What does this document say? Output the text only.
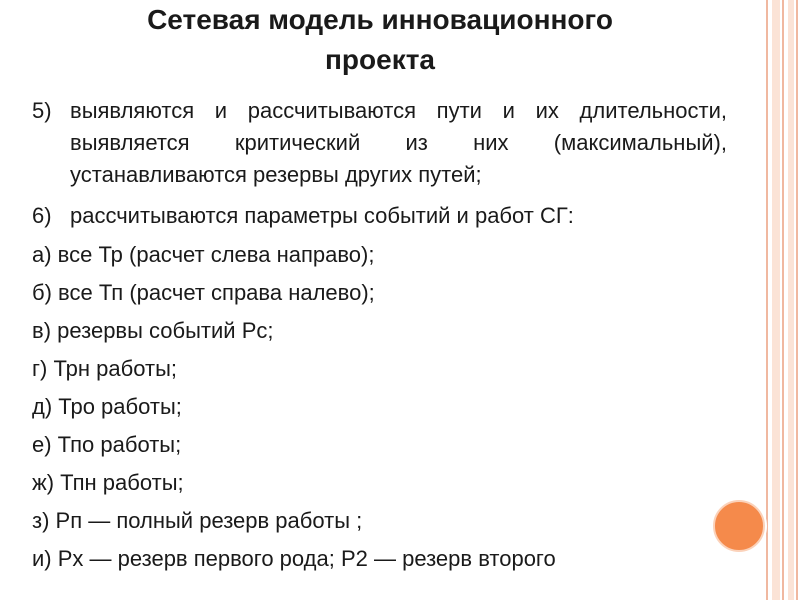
Сетевая модель инновационного
проекта
5) выявляются и рассчитываются пути и их длительности, выявляется критический из них (максимальный), устанавливаются резервы других путей;
6) рассчитываются параметры событий и работ СГ:
а) все Тр (расчет слева направо);
б) все Тп (расчет справа налево);
в) резервы событий Рс;
г) Трн работы;
д) Тро работы;
е) Тпо работы;
ж) Тпн работы;
з) Рп — полный резерв работы ;
и) Рх — резерв первого рода; Р2 — резерв второго
